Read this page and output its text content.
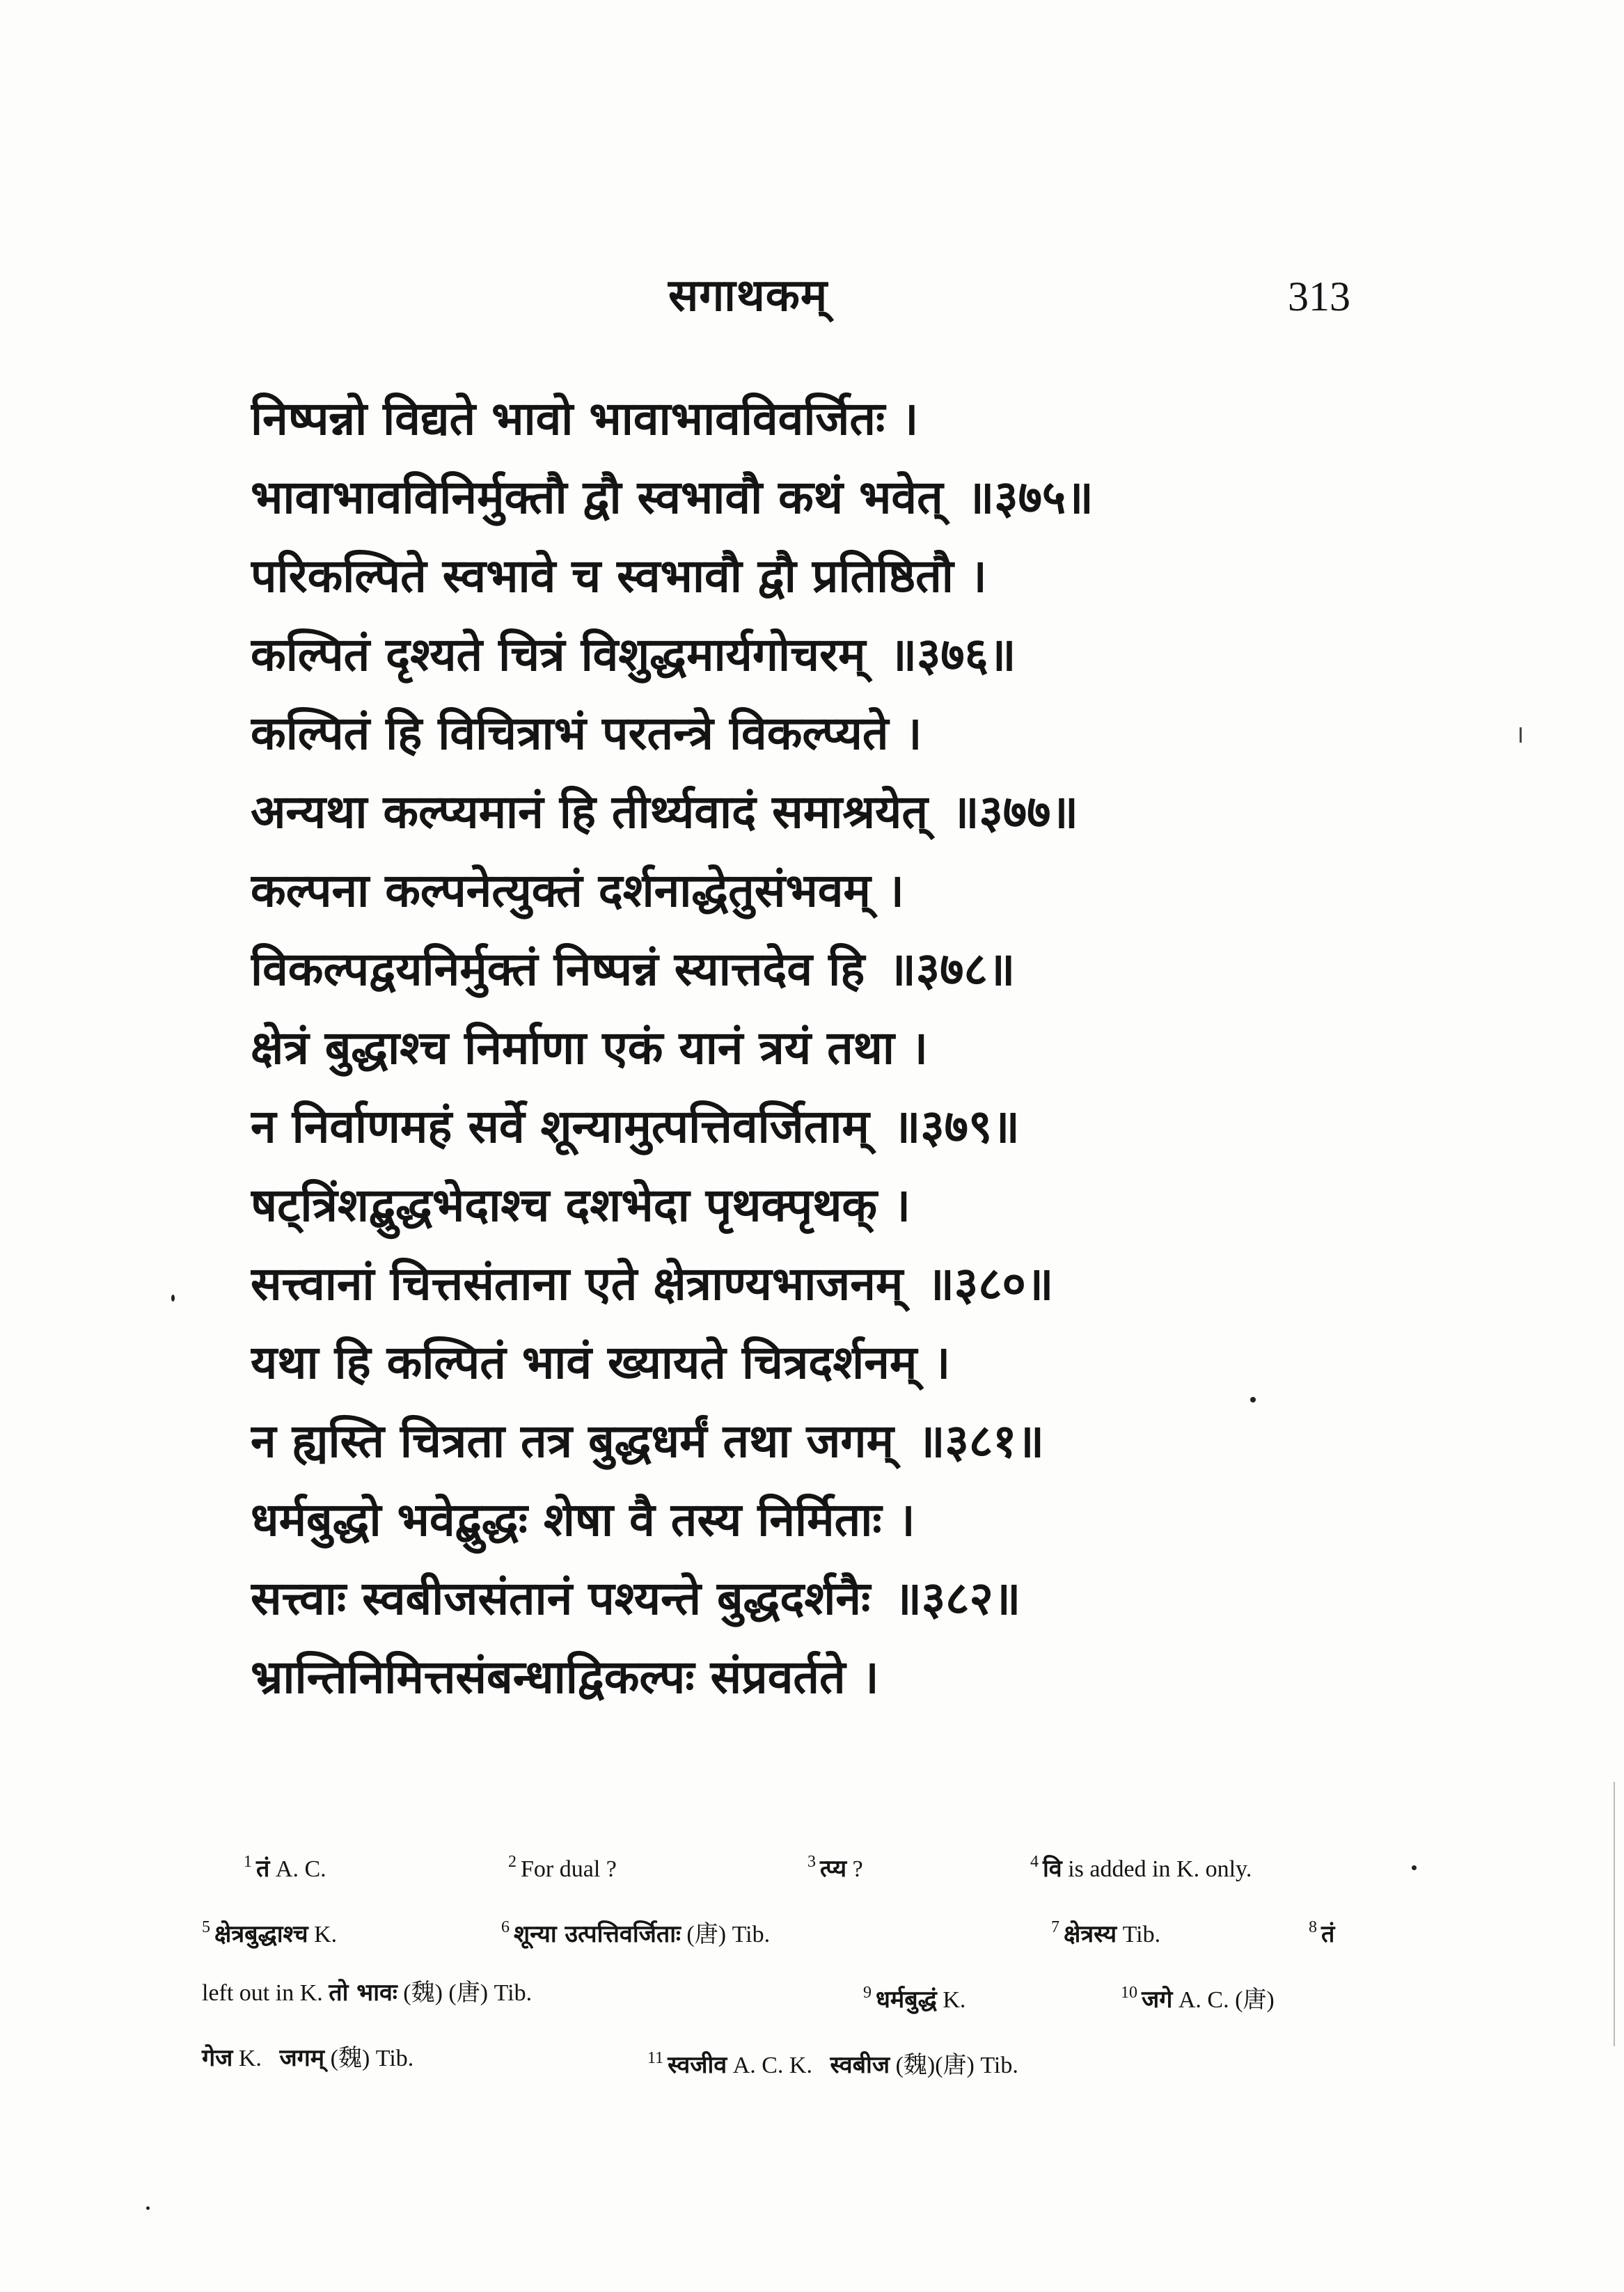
सगाथकम्	313
निष्पन्नो विद्यते भावो भावाभावविवर्जितः ।
भावाभावविनिर्मुक्तौ द्वौ स्वभावौ कथं भवेत् ॥३७५॥
परिकल्पिते स्वभावे च स्वभावौ द्वौ प्रतिष्ठितौ ।
कल्पितं दृश्यते चित्रं विशुद्धमार्यगोचरम् ॥३७६॥
कल्पितं हि विचित्राभं परतन्त्रे विकल्प्यते ।
अन्यथा कल्प्यमानं हि तीर्थ्यवादं समाश्रयेत् ॥३७७॥
कल्पना कल्पनेत्युक्तं दर्शनाद्धेतुसंभवम् ।
विकल्पद्वयनिर्मुक्तं निष्पन्नं स्यात्तदेव हि ॥३७८॥
क्षेत्रं बुद्धाश्च निर्माणा एकं यानं त्रयं तथा ।
न निर्वाणमहं सर्वे शून्यामुत्पत्तिवर्जिताम् ॥३७९॥
षट्त्रिंशद्बुद्धभेदाश्च दशभेदा पृथक्पृथक् ।
सत्त्वानां चित्तसंताना एते क्षेत्राण्यभाजनम् ॥३८०॥
यथा हि कल्पितं भावं ख्यायते चित्रदर्शनम् ।
न ह्यस्ति चित्रता तत्र बुद्धधर्मं तथा जगम् ॥३८१॥
धर्मबुद्धो भवेद्बुद्धः शेषा वै तस्य निर्मिताः ।
सत्त्वाः स्वबीजसंतानं पश्यन्ते बुद्धदर्शनैः ॥३८२॥
भ्रान्तिनिमित्तसंबन्धाद्विकल्पः संप्रवर्तते ।
$^1$ तं A. C.	$^2$ For dual ?	$^3$ त्प्य ?	$^4$ वि is added in K. only.
$^5$ क्षेत्रबुद्धाश्च K.	$^6$ शून्या उत्पत्तिवर्जिताः (唐) Tib.	$^7$ क्षेत्रस्य Tib.	$^8$ तं
left out in K. तो भावः (魏) (唐) Tib.	$^9$ धर्मबुद्धं K.	$^{10}$ जगे A. C. (唐)
गेज K. जगम् (魏) Tib.	$^{11}$ स्वजीव A. C. K. स्वबीज (魏)(唐) Tib.
